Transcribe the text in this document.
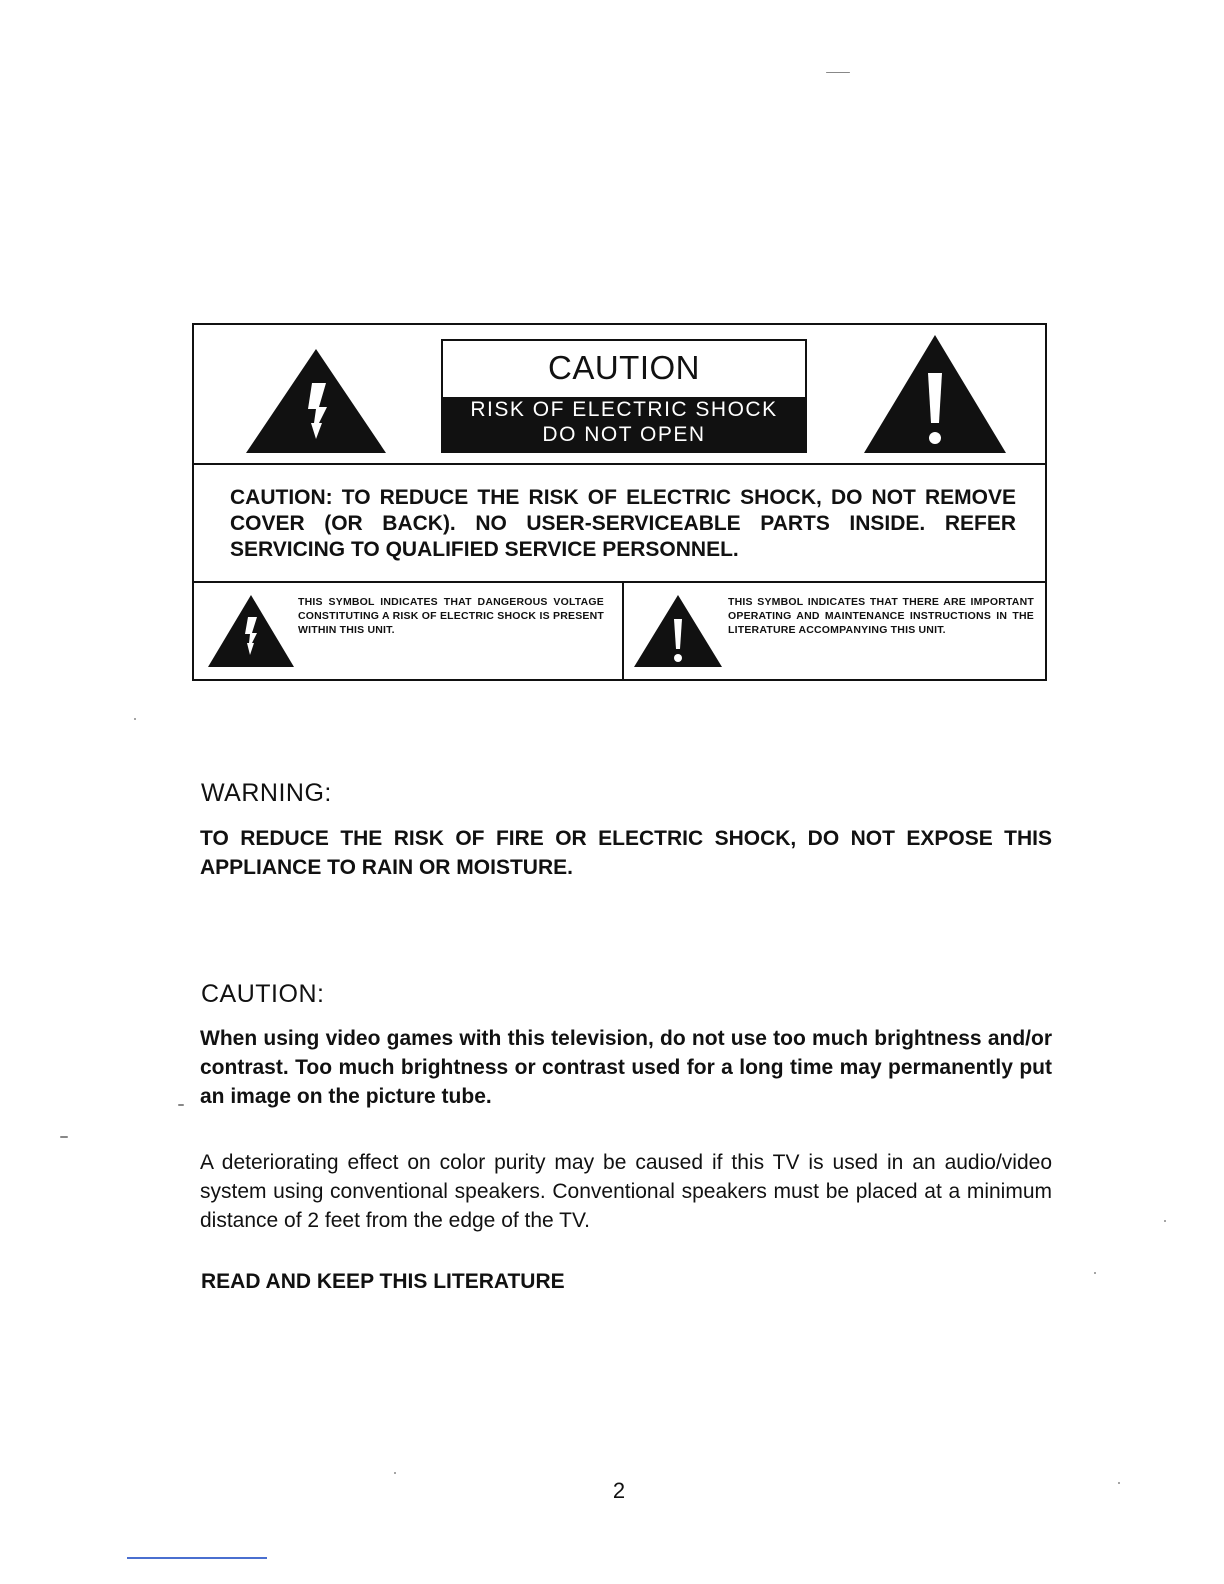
CAUTION
RISK OF ELECTRIC SHOCK
DO NOT OPEN
CAUTION: TO REDUCE THE RISK OF ELECTRIC SHOCK, DO NOT REMOVE COVER (OR BACK). NO USER-SERVICEABLE PARTS INSIDE. REFER SERVICING TO QUALIFIED SERVICE PERSONNEL.
THIS SYMBOL INDICATES THAT DANGEROUS VOLTAGE CONSTITUTING A RISK OF ELECTRIC SHOCK IS PRESENT WITHIN THIS UNIT.
THIS SYMBOL INDICATES THAT THERE ARE IMPORTANT OPERATING AND MAINTENANCE INSTRUCTIONS IN THE LITERATURE ACCOMPANYING THIS UNIT.
WARNING:
TO REDUCE THE RISK OF FIRE OR ELECTRIC SHOCK, DO NOT EXPOSE THIS APPLIANCE TO RAIN OR MOISTURE.
CAUTION:
When using video games with this television, do not use too much brightness and/or contrast. Too much brightness or contrast used for a long time may permanently put an image on the picture tube.
A deteriorating effect on color purity may be caused if this TV is used in an audio/video system using conventional speakers. Conventional speakers must be placed at a minimum distance of 2 feet from the edge of the TV.
READ AND KEEP THIS LITERATURE
2
